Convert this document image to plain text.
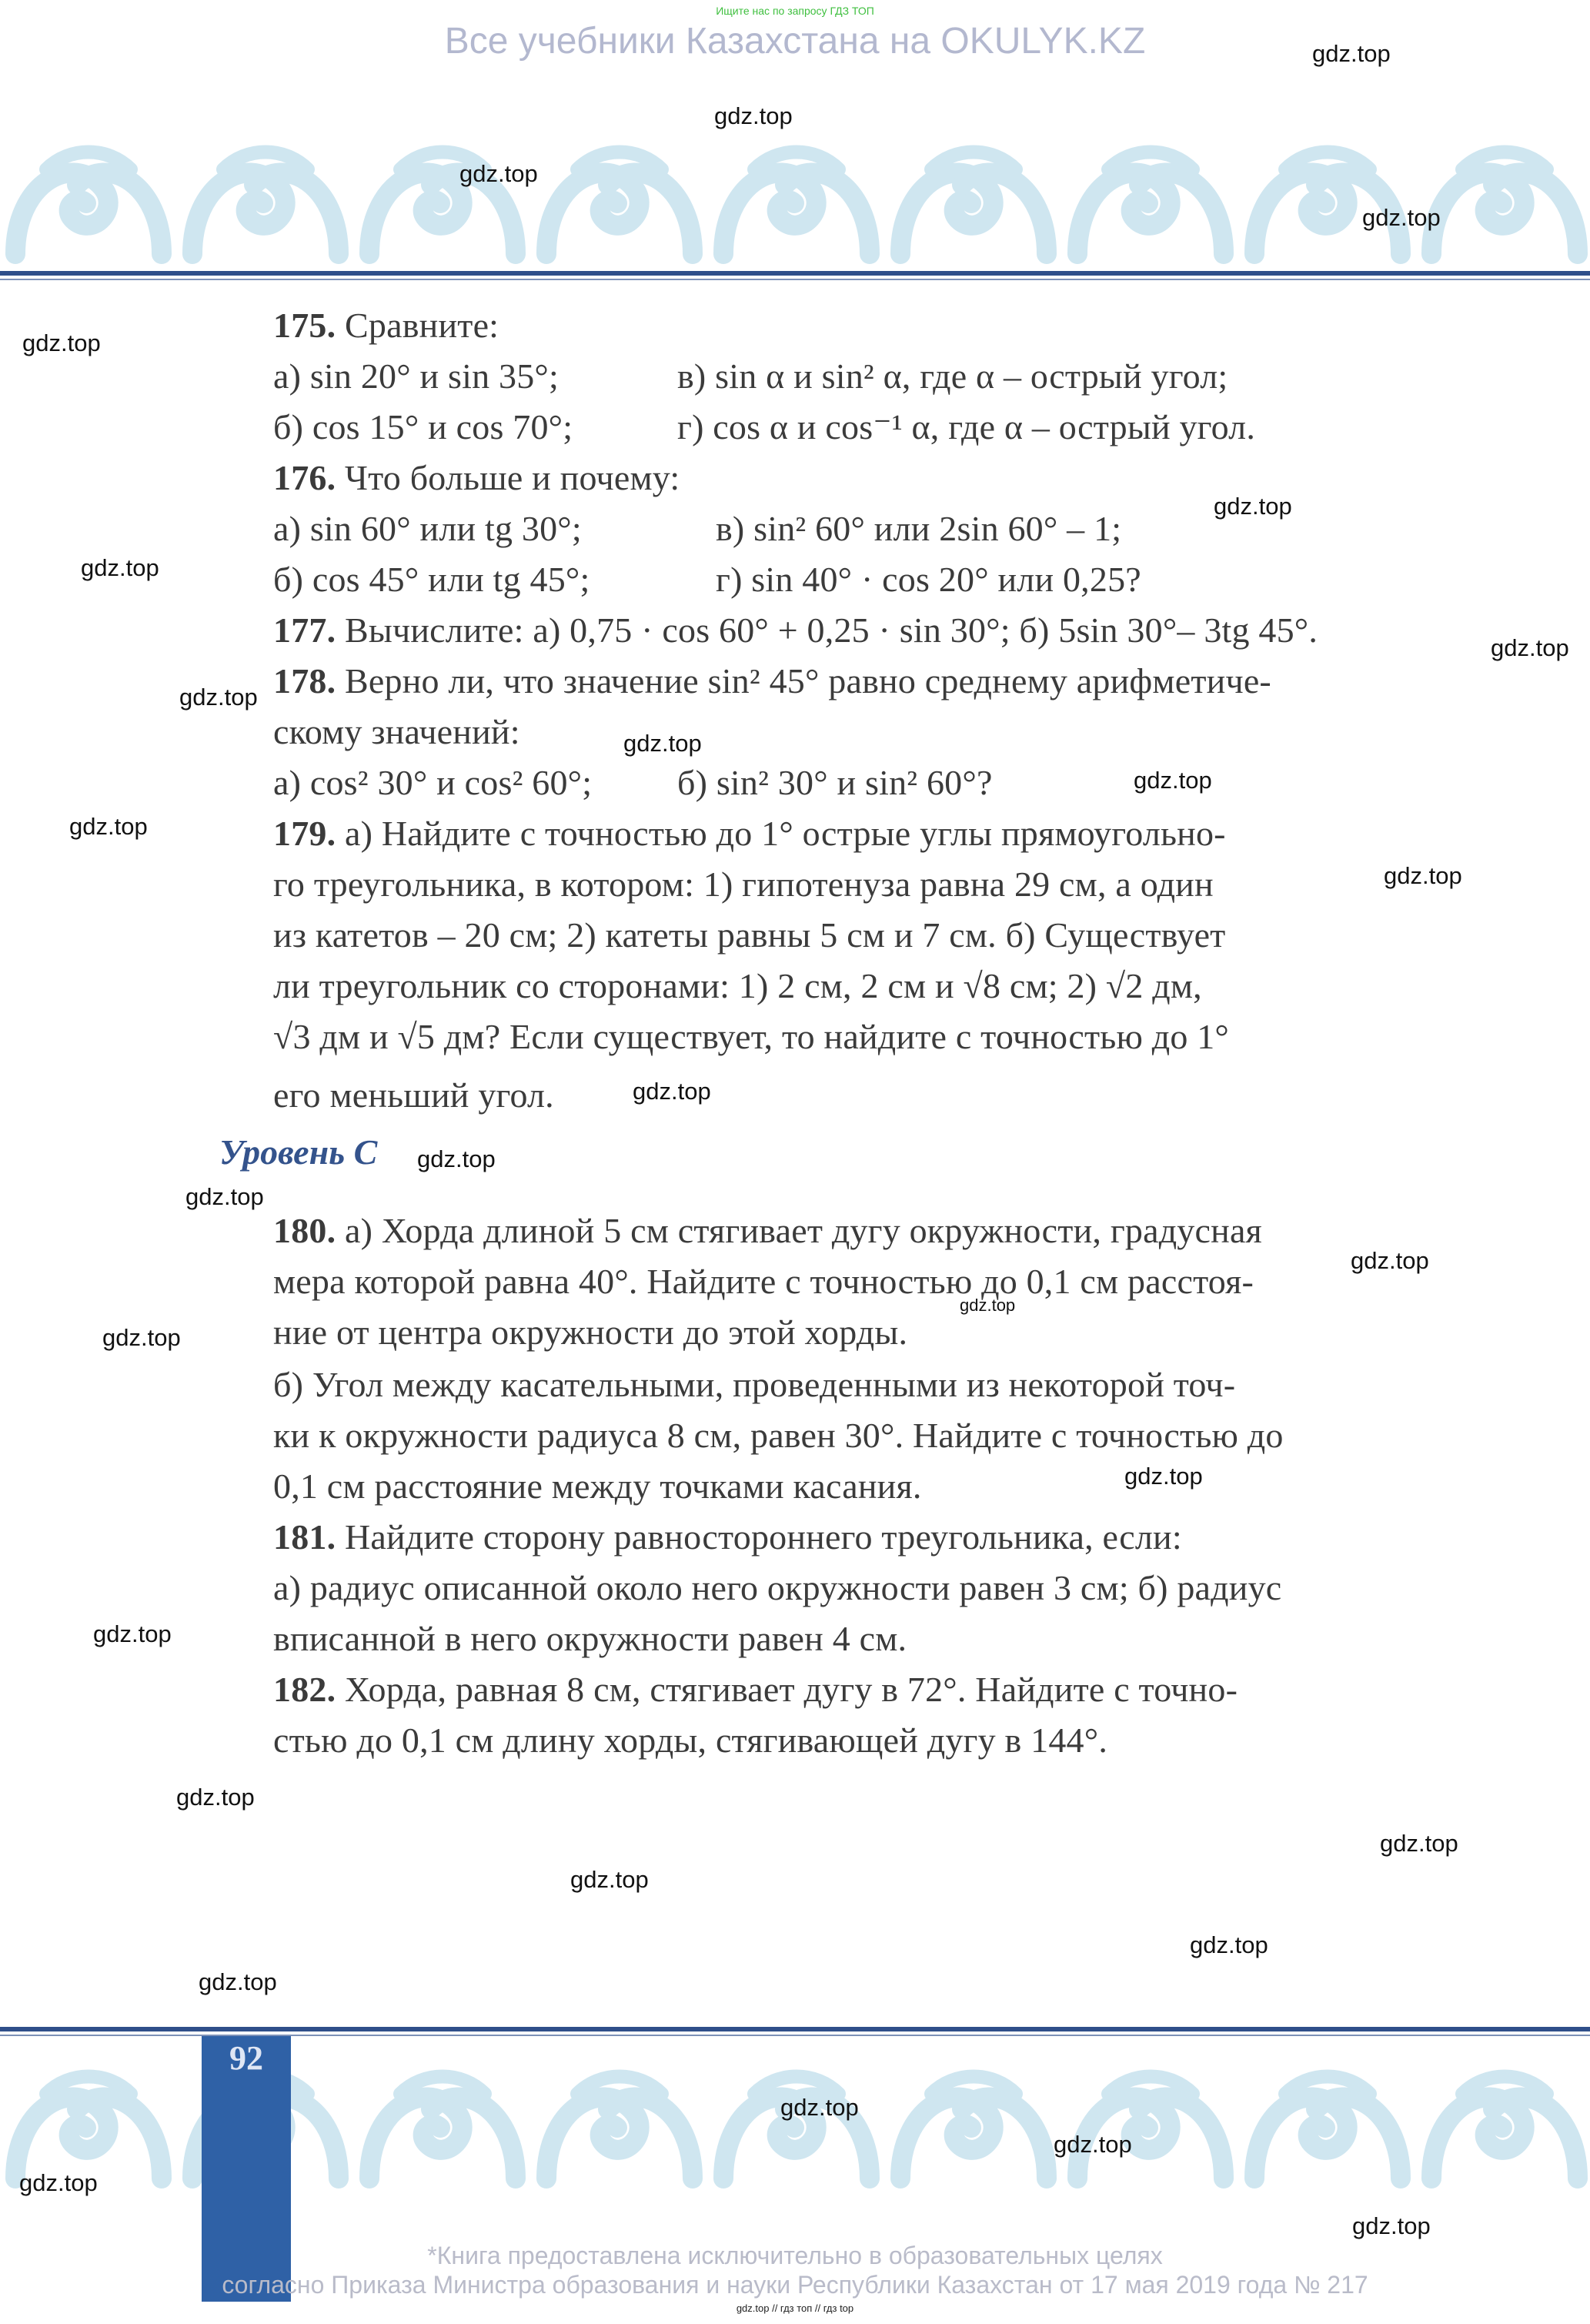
Ищите нас по запросу ГДЗ ТОП
Все учебники Казахстана на OKULYK.KZ
175. Сравните:
а) sin 20° и sin 35°;	в) sin α и sin² α, где α – острый угол;
б) cos 15° и cos 70°;	г) cos α и cos⁻¹ α, где α – острый угол.
176. Что больше и почему:
а) sin 60° или tg 30°;	в) sin² 60° или 2sin 60° – 1;
б) cos 45° или tg 45°;	г) sin 40° · cos 20° или 0,25?
177. Вычислите: а) 0,75 · cos 60° + 0,25 · sin 30°; б) 5sin 30°– 3tg 45°.
178. Верно ли, что значение sin² 45° равно среднему арифметиче-
скому значений:
а) cos² 30° и cos² 60°; б) sin² 30° и sin² 60°?
179. а) Найдите с точностью до 1° острые углы прямоугольно-
го треугольника, в котором: 1) гипотенуза равна 29 см, а один
из катетов – 20 см; 2) катеты равны 5 см и 7 см. б) Существует
ли треугольник со сторонами: 1) 2 см, 2 см и √8 см; 2) √2 дм,
√3 дм и √5 дм? Если существует, то найдите с точностью до 1°
его меньший угол.
Уровень С
180. а) Хорда длиной 5 см стягивает дугу окружности, градусная
мера которой равна 40°. Найдите с точностью до 0,1 см расстоя-
ние от центра окружности до этой хорды.
б) Угол между касательными, проведенными из некоторой точ-
ки к окружности радиуса 8 см, равен 30°. Найдите с точностью до
0,1 см расстояние между точками касания.
181. Найдите сторону равностороннего треугольника, если:
а) радиус описанной около него окружности равен 3 см; б) радиус
вписанной в него окружности равен 4 см.
182. Хорда, равная 8 см, стягивает дугу в 72°. Найдите с точно-
стью до 0,1 см длину хорды, стягивающей дугу в 144°.
gdz.top
gdz.top
gdz.top
gdz.top
gdz.top
gdz.top
gdz.top
gdz.top
gdz.top
gdz.top
gdz.top
gdz.top
gdz.top
gdz.top
gdz.top
gdz.top
gdz.top
gdz.top
gdz.top
gdz.top
gdz.top
gdz.top
gdz.top
gdz.top
gdz.top
gdz.top
92
gdz.top
gdz.top
gdz.top
gdz.top
*Книга предоставлена исключительно в образовательных целях
согласно Приказа Министра образования и науки Республики Казахстан от 17 мая 2019 года № 217
gdz.top // гдз топ // гдз top
